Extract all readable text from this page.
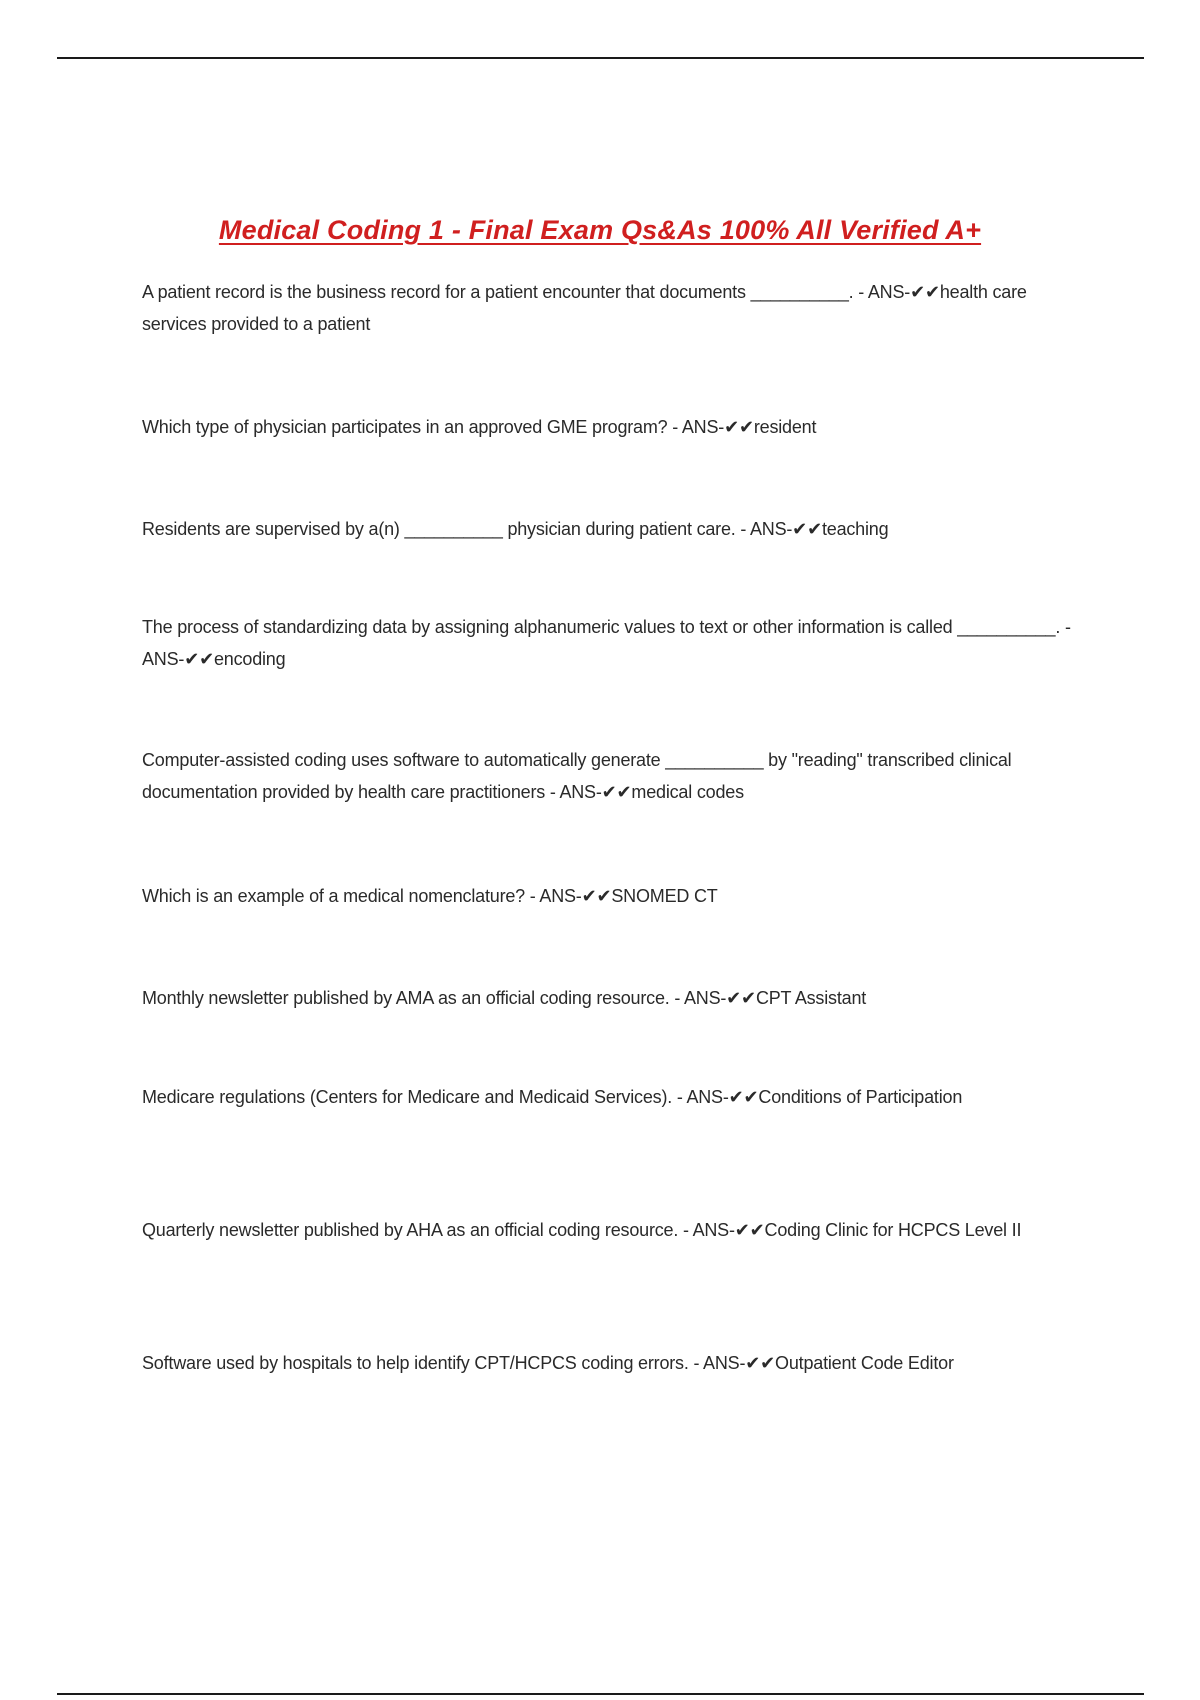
Medical Coding 1 - Final Exam Qs&As 100% All Verified A+
A patient record is the business record for a patient encounter that documents __________. - ANS-✔✔health care services provided to a patient
Which type of physician participates in an approved GME program? - ANS-✔✔resident
Residents are supervised by a(n) __________ physician during patient care. - ANS-✔✔teaching
The process of standardizing data by assigning alphanumeric values to text or other information is called __________. - ANS-✔✔encoding
Computer-assisted coding uses software to automatically generate __________ by "reading" transcribed clinical documentation provided by health care practitioners - ANS-✔✔medical codes
Which is an example of a medical nomenclature? - ANS-✔✔SNOMED CT
Monthly newsletter published by AMA as an official coding resource. - ANS-✔✔CPT Assistant
Medicare regulations (Centers for Medicare and Medicaid Services). - ANS-✔✔Conditions of Participation
Quarterly newsletter published by AHA as an official coding resource. - ANS-✔✔Coding Clinic for HCPCS Level II
Software used by hospitals to help identify CPT/HCPCS coding errors. - ANS-✔✔Outpatient Code Editor
